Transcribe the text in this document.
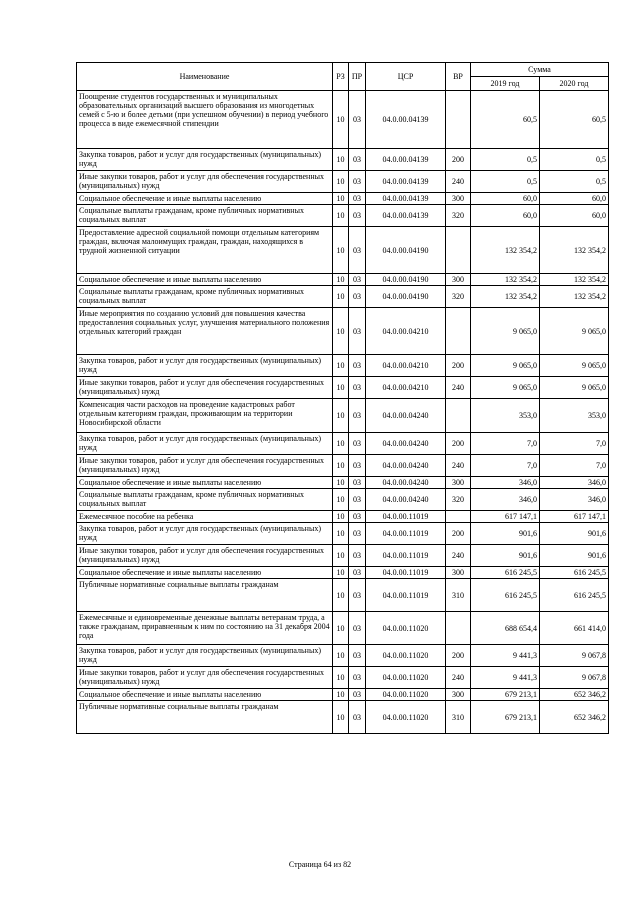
Наименование	РЗ	ПР	ЦСР	ВР	Сумма	
					2019 год	2020 год
Поощрение студентов государственных и муниципальных образовательных организаций высшего образования из многодетных семей с 5-ю и более детьми (при успешном обучении) в период учебного процесса в виде ежемесячной стипендии	10	03	04.0.00.04139		60,5	60,5
Закупка товаров, работ и услуг для государственных (муниципальных) нужд	10	03	04.0.00.04139	200	0,5	0,5
Иные закупки товаров, работ и услуг для обеспечения государственных (муниципальных) нужд	10	03	04.0.00.04139	240	0,5	0,5
Социальное обеспечение и иные выплаты населению	10	03	04.0.00.04139	300	60,0	60,0
Социальные выплаты гражданам, кроме публичных нормативных социальных выплат	10	03	04.0.00.04139	320	60,0	60,0
Предоставление адресной социальной помощи отдельным категориям граждан, включая малоимущих граждан, граждан, находящихся в трудной жизненной ситуации	10	03	04.0.00.04190		132 354,2	132 354,2
Социальное обеспечение и иные выплаты населению	10	03	04.0.00.04190	300	132 354,2	132 354,2
Социальные выплаты гражданам, кроме публичных нормативных социальных выплат	10	03	04.0.00.04190	320	132 354,2	132 354,2
Иные мероприятия по созданию условий для повышения качества предоставления социальных услуг, улучшения материального положения отдельных категорий граждан	10	03	04.0.00.04210		9 065,0	9 065,0
Закупка товаров, работ и услуг для государственных (муниципальных) нужд	10	03	04.0.00.04210	200	9 065,0	9 065,0
Иные закупки товаров, работ и услуг для обеспечения государственных (муниципальных) нужд	10	03	04.0.00.04210	240	9 065,0	9 065,0
Компенсация части расходов на проведение кадастровых работ отдельным категориям граждан, проживающим на территории Новосибирской области	10	03	04.0.00.04240		353,0	353,0
Закупка товаров, работ и услуг для государственных (муниципальных) нужд	10	03	04.0.00.04240	200	7,0	7,0
Иные закупки товаров, работ и услуг для обеспечения государственных (муниципальных) нужд	10	03	04.0.00.04240	240	7,0	7,0
Социальное обеспечение и иные выплаты населению	10	03	04.0.00.04240	300	346,0	346,0
Социальные выплаты гражданам, кроме публичных нормативных социальных выплат	10	03	04.0.00.04240	320	346,0	346,0
Ежемесячное пособие на ребенка	10	03	04.0.00.11019		617 147,1	617 147,1
Закупка товаров, работ и услуг для государственных (муниципальных) нужд	10	03	04.0.00.11019	200	901,6	901,6
Иные закупки товаров, работ и услуг для обеспечения государственных (муниципальных) нужд	10	03	04.0.00.11019	240	901,6	901,6
Социальное обеспечение и иные выплаты населению	10	03	04.0.00.11019	300	616 245,5	616 245,5
Публичные нормативные социальные выплаты гражданам	10	03	04.0.00.11019	310	616 245,5	616 245,5
Ежемесячные и единовременные денежные выплаты ветеранам труда, а также гражданам, приравненным к ним по состоянию на 31 декабря 2004 года	10	03	04.0.00.11020		688 654,4	661 414,0
Закупка товаров, работ и услуг для государственных (муниципальных) нужд	10	03	04.0.00.11020	200	9 441,3	9 067,8
Иные закупки товаров, работ и услуг для обеспечения государственных (муниципальных) нужд	10	03	04.0.00.11020	240	9 441,3	9 067,8
Социальное обеспечение и иные выплаты населению	10	03	04.0.00.11020	300	679 213,1	652 346,2
Публичные нормативные социальные выплаты гражданам	10	03	04.0.00.11020	310	679 213,1	652 346,2
Страница 64 из 82
